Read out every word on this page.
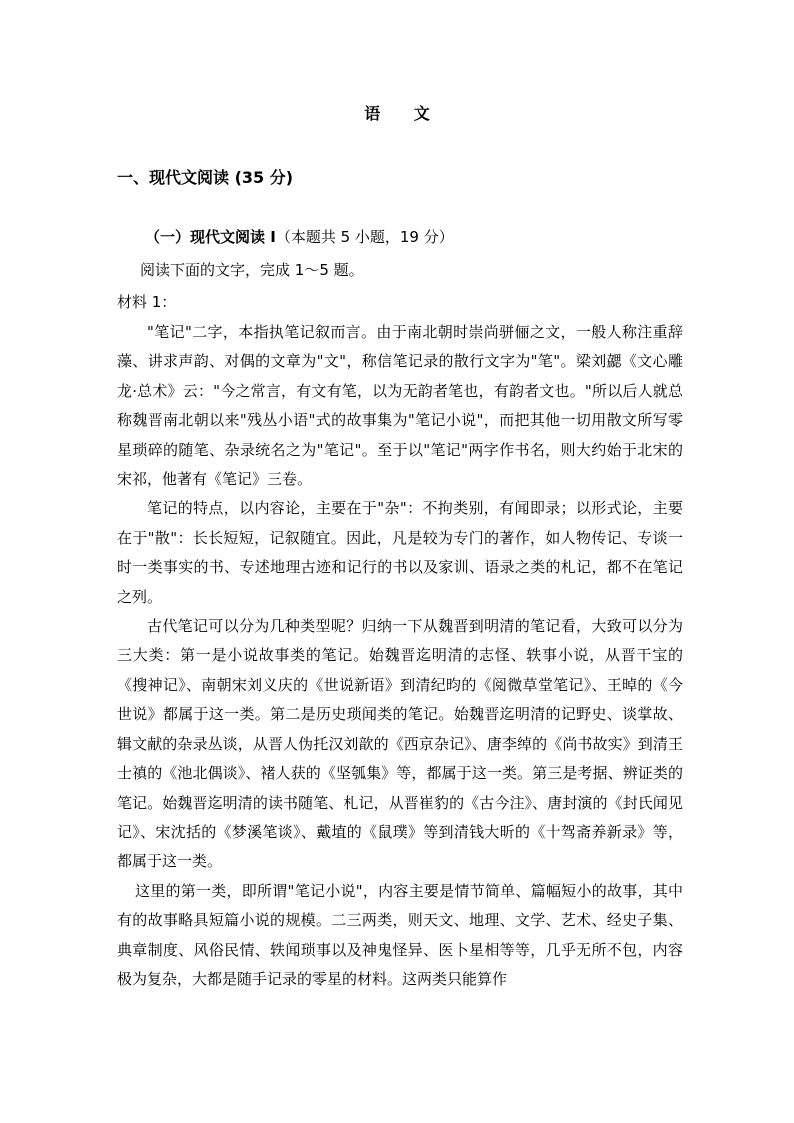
语 文
一、现代文阅读 (35 分)
（一）现代文阅读 I（本题共 5 小题，19 分）
阅读下面的文字，完成 1～5 题。
材料 1：

"笔记"二字，本指执笔记叙而言。由于南北朝时崇尚骈俪之文，一般人称注重辞藻、讲求声韵、对偶的文章为"文"，称信笔记录的散行文字为"笔"。梁刘勰《文心雕龙·总术》云："今之常言，有文有笔，以为无韵者笔也，有韵者文也。"所以后人就总称魏晋南北朝以来"残丛小语"式的故事集为"笔记小说"，而把其他一切用散文所写零星琐碎的随笔、杂录统名之为"笔记"。至于以"笔记"两字作书名，则大约始于北宋的宋祁，他著有《笔记》三卷。

笔记的特点，以内容论，主要在于"杂"：不拘类别，有闻即录；以形式论，主要在于"散"：长长短短，记叙随宜。因此，凡是较为专门的著作，如人物传记、专谈一时一类事实的书、专述地理古迹和记行的书以及家训、语录之类的札记，都不在笔记之列。

古代笔记可以分为几种类型呢？归纳一下从魏晋到明清的笔记看，大致可以分为三大类：第一是小说故事类的笔记。始魏晋迄明清的志怪、轶事小说，从晋干宝的《搜神记》、南朝宋刘义庆的《世说新语》到清纪昀的《阅微草堂笔记》、王晫的《今世说》都属于这一类。第二是历史琐闻类的笔记。始魏晋迄明清的记野史、谈掌故、辑文献的杂录丛谈，从晋人伪托汉刘歆的《西京杂记》、唐李绰的《尚书故实》到清王士禛的《池北偶谈》、褚人获的《坚瓠集》等，都属于这一类。第三是考据、辨证类的笔记。始魏晋迄明清的读书随笔、札记，从晋崔豹的《古今注》、唐封演的《封氏闻见记》、宋沈括的《梦溪笔谈》、戴埴的《鼠璞》等到清钱大昕的《十驾斋养新录》等，都属于这一类。

这里的第一类，即所谓"笔记小说"，内容主要是情节简单、篇幅短小的故事，其中有的故事略具短篇小说的规模。二三两类，则天文、地理、文学、艺术、经史子集、典章制度、风俗民情、轶闻琐事以及神鬼怪异、医卜星相等等，几乎无所不包，内容极为复杂，大都是随手记录的零星的材料。这两类只能算作
